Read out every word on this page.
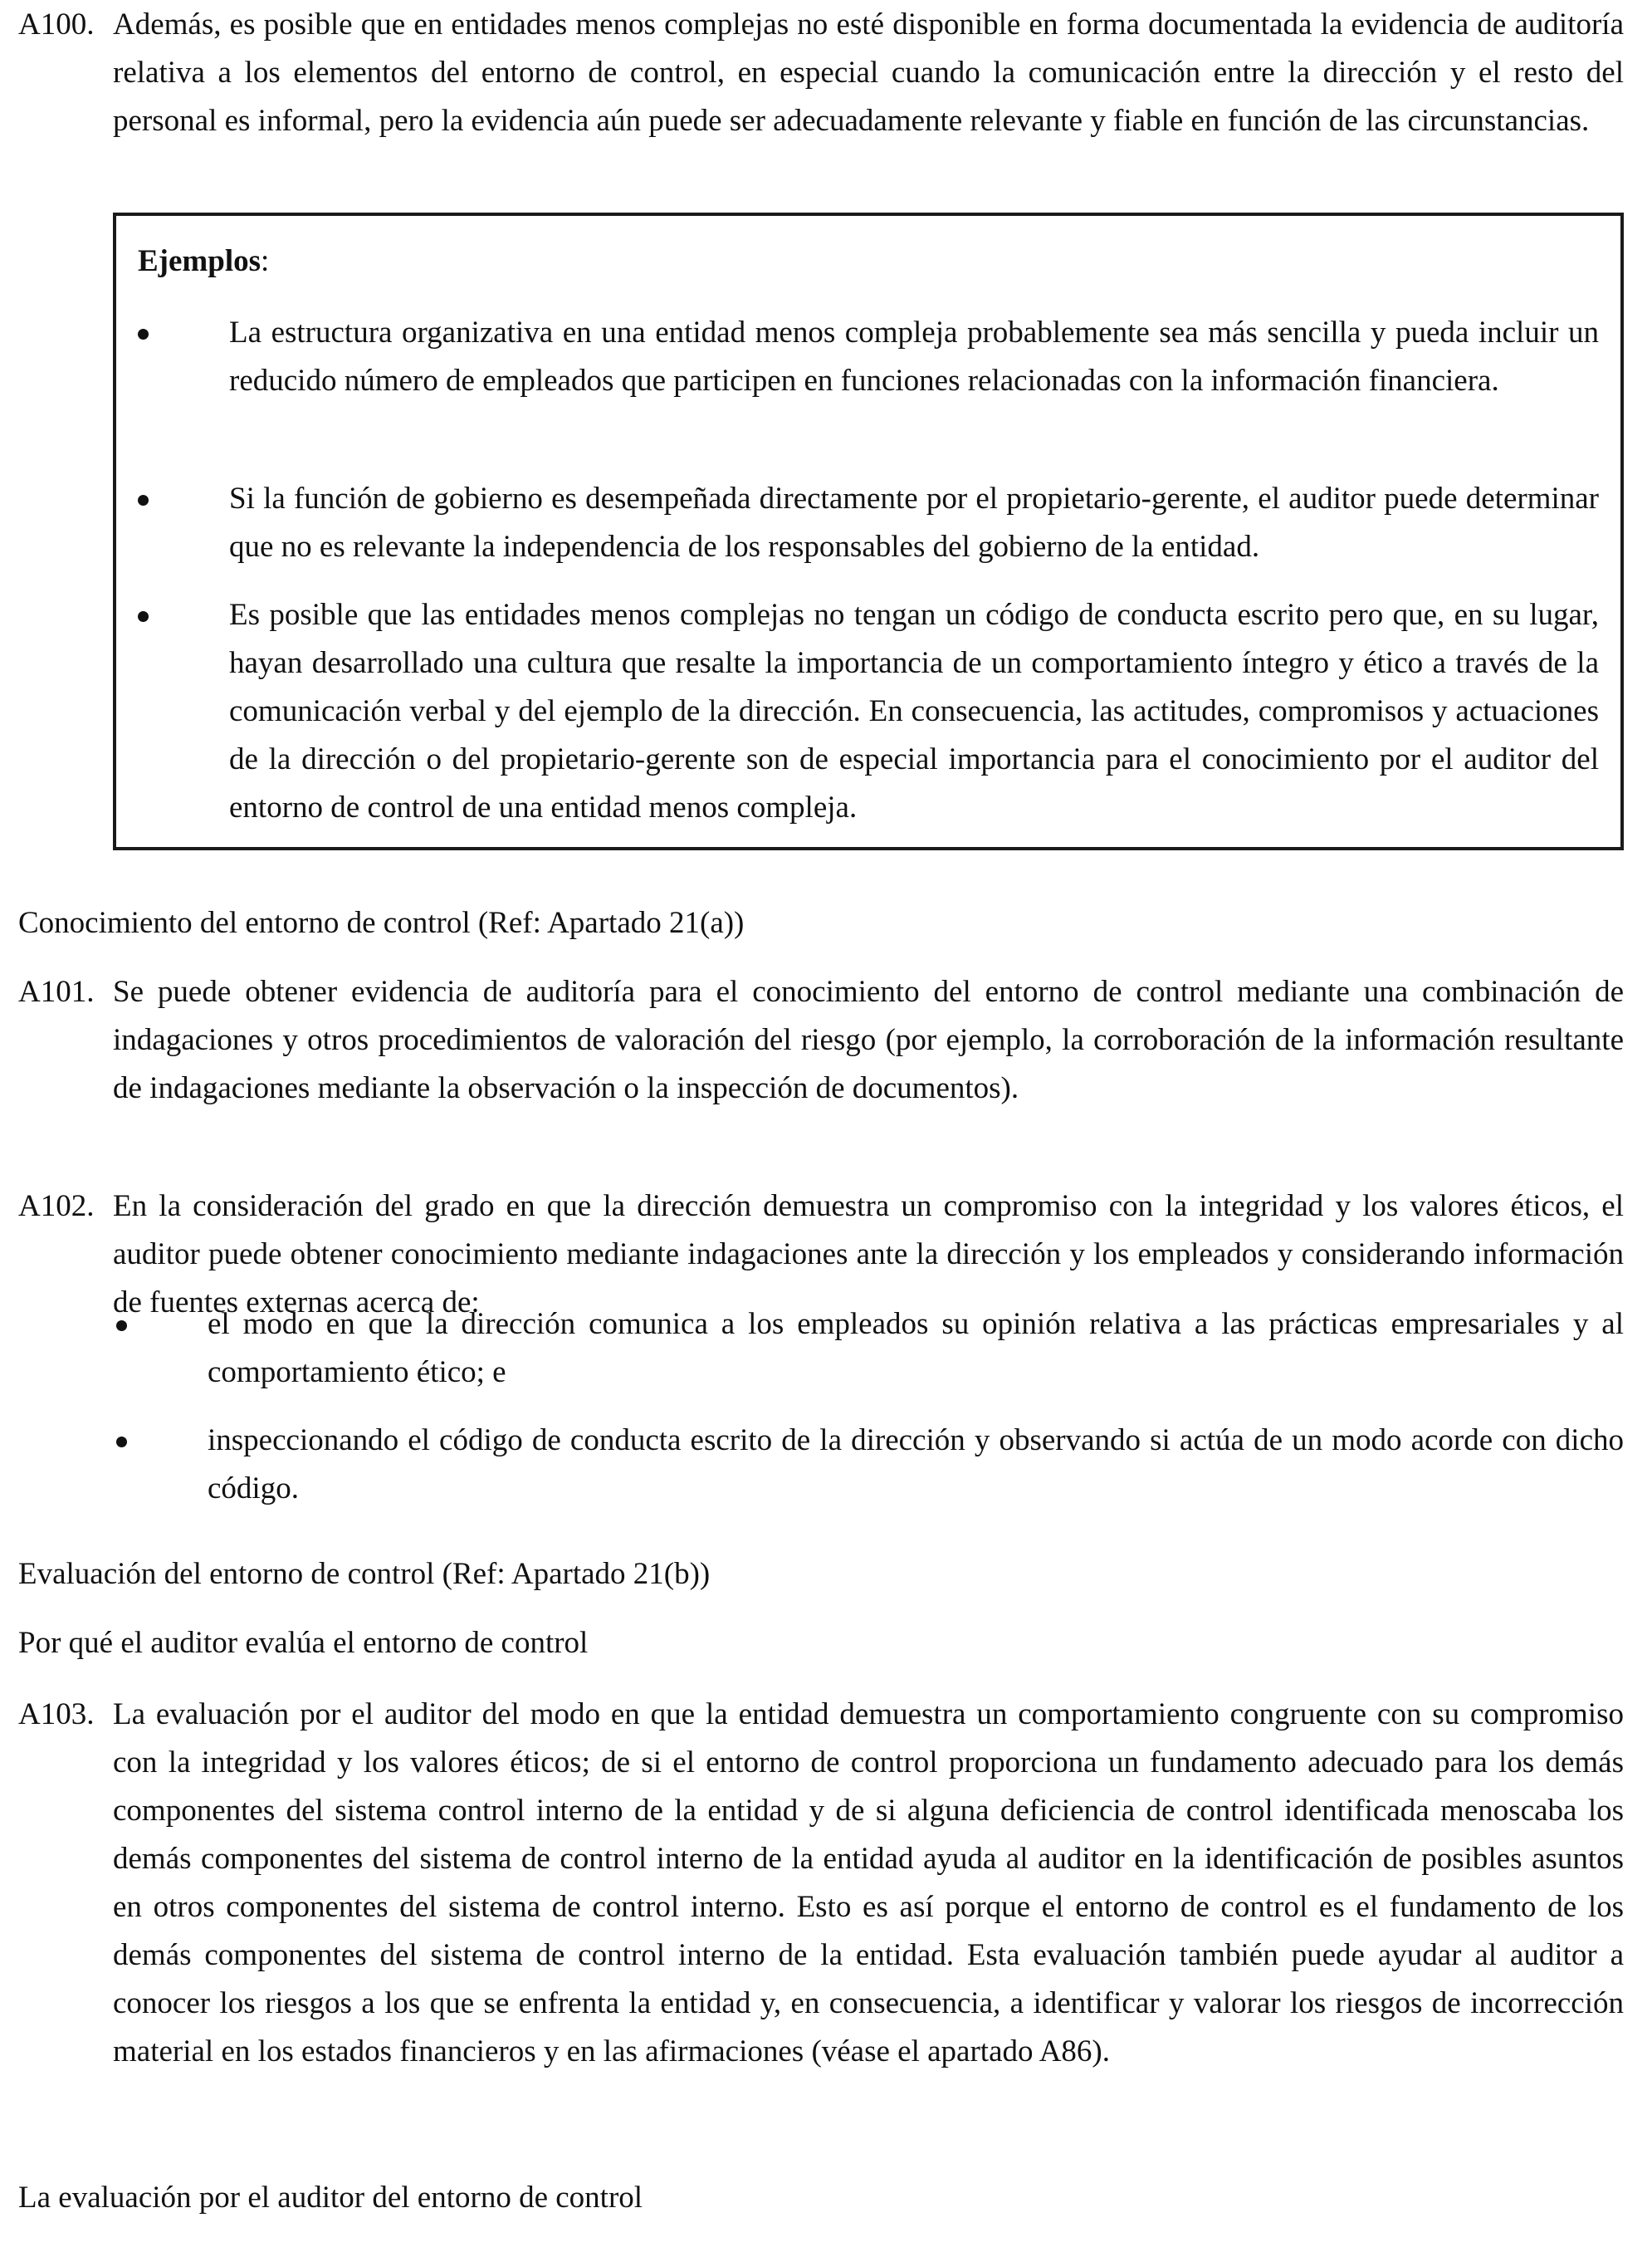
A100. Además, es posible que en entidades menos complejas no esté disponible en forma documentada la evidencia de auditoría relativa a los elementos del entorno de control, en especial cuando la comunicación entre la dirección y el resto del personal es informal, pero la evidencia aún puede ser adecuadamente relevante y fiable en función de las circunstancias.
Ejemplos:
La estructura organizativa en una entidad menos compleja probablemente sea más sencilla y pueda incluir un reducido número de empleados que participen en funciones relacionadas con la información financiera.
Si la función de gobierno es desempeñada directamente por el propietario-gerente, el auditor puede determinar que no es relevante la independencia de los responsables del gobierno de la entidad.
Es posible que las entidades menos complejas no tengan un código de conducta escrito pero que, en su lugar, hayan desarrollado una cultura que resalte la importancia de un comportamiento íntegro y ético a través de la comunicación verbal y del ejemplo de la dirección. En consecuencia, las actitudes, compromisos y actuaciones de la dirección o del propietario-gerente son de especial importancia para el conocimiento por el auditor del entorno de control de una entidad menos compleja.
Conocimiento del entorno de control (Ref: Apartado 21(a))
A101. Se puede obtener evidencia de auditoría para el conocimiento del entorno de control mediante una combinación de indagaciones y otros procedimientos de valoración del riesgo (por ejemplo, la corroboración de la información resultante de indagaciones mediante la observación o la inspección de documentos).
A102. En la consideración del grado en que la dirección demuestra un compromiso con la integridad y los valores éticos, el auditor puede obtener conocimiento mediante indagaciones ante la dirección y los empleados y considerando información de fuentes externas acerca de:
el modo en que la dirección comunica a los empleados su opinión relativa a las prácticas empresariales y al comportamiento ético; e
inspeccionando el código de conducta escrito de la dirección y observando si actúa de un modo acorde con dicho código.
Evaluación del entorno de control (Ref: Apartado 21(b))
Por qué el auditor evalúa el entorno de control
A103. La evaluación por el auditor del modo en que la entidad demuestra un comportamiento congruente con su compromiso con la integridad y los valores éticos; de si el entorno de control proporciona un fundamento adecuado para los demás componentes del sistema control interno de la entidad y de si alguna deficiencia de control identificada menoscaba los demás componentes del sistema de control interno de la entidad ayuda al auditor en la identificación de posibles asuntos en otros componentes del sistema de control interno. Esto es así porque el entorno de control es el fundamento de los demás componentes del sistema de control interno de la entidad. Esta evaluación también puede ayudar al auditor a conocer los riesgos a los que se enfrenta la entidad y, en consecuencia, a identificar y valorar los riesgos de incorrección material en los estados financieros y en las afirmaciones (véase el apartado A86).
La evaluación por el auditor del entorno de control
